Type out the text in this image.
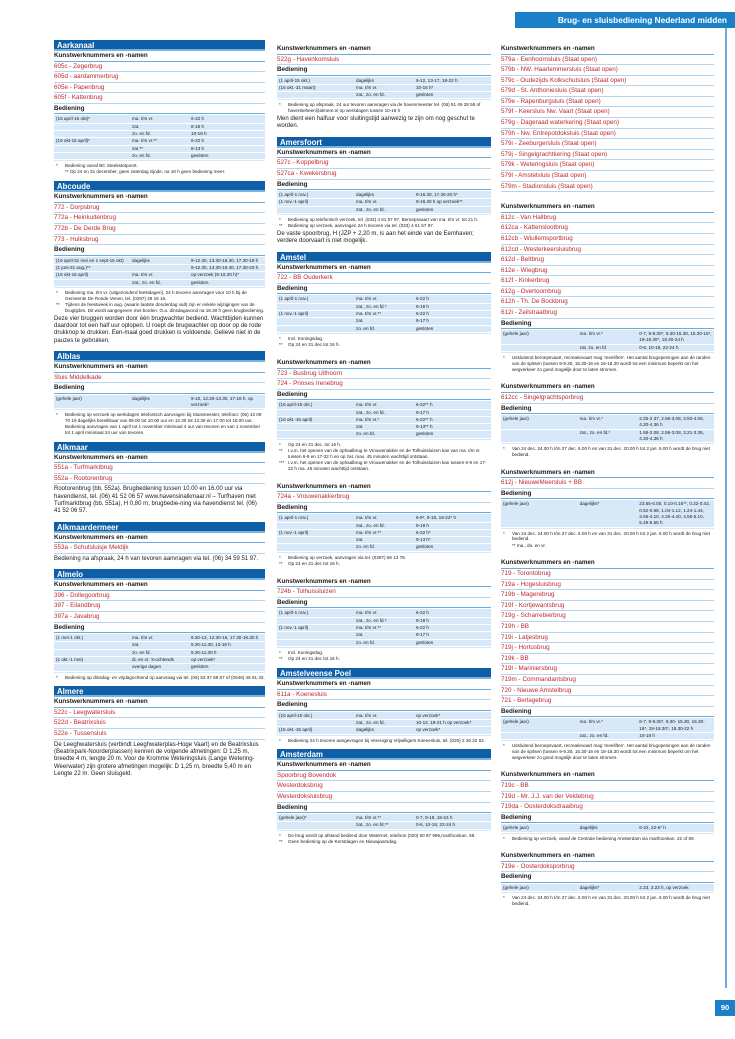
Brug- en sluisbediening Nederland midden
Aarkanaal
Kunstwerknummers en -namen
605c - Zegerbrug
605d - aardammerbrug
605e - Papenbrug
605f - Kattenbrug
Bediening
(16 april-15 okt)*	ma. t/m vr.	6-22 h
zat.	8-18 h
zo. en fd.	10-18 h
(16 okt-16 april)*	ma. t/m vr.**	6-22 h
zat **	8-13 h
zo. en fd.	gesloten
*	Bediening vanaf BC Steekstetpoort.
** Op 24 en 31 december, geen zaterdag zijnde, na 18 h geen bediening meer.
Abcoude
Kunstwerknummers en -namen
772 - Dorpsbrug
772a - Heinkuitenbrug
772b - De Derde Brug
773 - Hulksbrug
Bediening
(16 april-31 mei en 1 sept-15 okt)	dagelijks	9-12.30, 13.30-16.30, 17.30-19 h
(1 juni-31 aug.)**	9-12.30, 13.30-16.30, 17.30-20 h
(16 okt-16 april)	ma. t/m vr.	op verzoek (9-16.30 h)*
zat., zo. en fd.	gesloten
*	Bediening ma. t/m vr. (uitgezonderd feestdagen), 24 h tevoren aanvragen voor 10 h bij de Gemeente De Ronde Venen, tel. (0297) 29 16 16.
**	Tijdens de feestweek in aug. (waarin laatste donderdag valt) zijn er enkele wijzigingen van de brugtijden. Dit wordt aangegeven met borden. O.a. dinsdagavond na 18.30 h geen brugbediening.
Deze vier bruggen worden door één brugwachter bediend. Wachttijden kunnen daardoor tot een half uur oplopen. U roept de brugwachter op door op de rode drukknop te drukken. Een-maal goed drukken is voldoende. Gelieve niet in de pauzes te gebruiken.
Alblas
Kunstwerknummers en -namen
Sluis Middelkade
Bediening
(gehele jaar)	dagelijks	9-10, 12.30-13.30, 17-18 h, op verzoek*
*	Bediening op verzoek op werkdagen telefonisch aanvragen bij Sluismeester, telefoon: (06) 42 09 70 19 dagelijks bereikbaar van 09.00 tot 10.00 uur en 12.30 tot 13.30 en 17.00 tot 18.00 uur. Bediening aanvragen van 1 april tot 1 november minimaal 4 uur van tevoren en van 1 november tot 1 april minimaal 24 uur van tevoren.
Alkmaar
Kunstwerknummers en -namen
551a - Turfmarktbrug
552a - Rootorenbrug
Rootorenbrug (bb, 552a). Brugbediening tussen 10.00 en 16.00 uur via havendienst, tel. (06) 41 52 06 57 www.havensinalkmaar.nl – Turfhaven met Turfmarktbrug (bb, 551a), H 0,80 m, brugbedie-ning via havendienst tel. (06) 41 52 06 57.
Alkmaardermeer
Kunstwerknummers en -namen
553a - Schutsluisje Meldijk
Bediening na afspraak, 24 h van tevoren aanvragen via tel. (06) 34 59 51 97.
Almelo
Kunstwerknummers en -namen
396 - Dollegoorbrug
397 - Eilandbrug
397a - Javabrug
Bediening
(1 mei-1 okt.)	ma. t/m vr.	9.30-12, 12.30-16, 17.30-18.30 h
zat.	9.30-11.30, 13-16 h
zo. en fd.	9.30-11.30 h
(1 okt.-1 mei)	di. en vr. 's-ochtends	op verzoek*
overige dagen	gesloten
*	Bediening op dinsdag- en vrijdagochtend op aanvraag via tel. (06) 53 37 68 87 of (0546) 45 61 33.
Almere
Kunstwerknummers en -namen
522c - Leegwatersluis
522d - Beatrixsluis
522e - Tussensluis
De Leeghwatersluis (verbindt Leeghwaterplas-Hoge Vaart) en de Beatrixsluis (Beatrixpark-Noorderplassen) kennen de volgende afmetingen: D 1,25 m, breedte 4 m, lengte 20 m. Voor de Kromme Weteringsluis (Lange Wetering-Weerwater) zijn grotere afmetingen mogelijk: D 1,25 m, breedte 5,40 m en Lengte 22 m. Geen sluisgeld.
Kunstwerknummers en -namen
522g - Havenkomsluis
Bediening
(1 april-15 okt.)	dagelijks	9-12, 13-17, 18-22 h
(16 okt.-31 maart)	ma. t/m vr.	10-16 h*
zat., zo. en fd.	gesloten
*	Bediening op afspraak, 24 uur tevoren aanvragen via de havenmeester tel. (06) 51 49 28 58 of havenbeheer@almere.nl op werkdagen tussen 10-16 h
Men dient een halfuur voor sluitingstijd aanwezig te zijn om nog geschut te worden.
Amersfoort
Kunstwerknummers en -namen
527c - Koppelbrug
527ca - Kwekersbrug
Bediening
(1 april-1 nov.)	dagelijks	9-16.30, 17.30-20 h*
(1 nov.-1 april)	ma. t/m vr.	9-16.30 h op verzoek**
zat., zo. en fd.	gesloten
*	Bediening op telefonisch verzoek, tel. (033) 4 61 57 97. Beroepsvaart van ma. t/m vr. tot 21 h.
**	Bediening op verzoek, aanvragen 24 h tevoren via tel. (033) 4 61 57 97.
De vaste spoorbrug, H (JZP + 2,20 m, is aan het einde van de Eemhaven; verdere doorvaart is niet mogelijk.
Amstel
Kunstwerknummers en -namen
722 - BB Ouderkerk
Bediening
(1 april-1 nov.)	ma. t/m vr.	6-22 h
zat., zo. en fd.*	9-19 h
(1 nov.-1 april)	ma. t/m vr.**	6-22 h
zat.	9-17 h
zo. en fd.	gesloten
*	Incl. Koningsdag.
**	Op 24 en 31 dec tot 16 h.
Kunstwerknummers en -namen
723 - Busbrug Uithoorn
724 - Prinses Irenebrug
Bediening
(16 april-16 okt.)	ma. t/m vr.	6-22** h
zat., zo. en fd.	9-17 h
(16 okt.-16 april)	ma. t/m vr.*	6-22** h
zat.	9-13** h
zo. en fd.	gesloten
*	Op 24 en 31 dec. tot 16 h.
**	I.v.m. het openen van de ophaalbrug te Vrouwenakker en de Tolhuissluizen kan van ma. t/m vr. tussen 6-9 en 17-22 h en op zat. max. 45 minuten wachttijd ontstaan.
*** I.v.m. het openen van de ophaalbrug te Vrouwenakker en de Tolhuissluizen kan tussen 6-9 en 17-22 h ma. 45 minuten wachttijd ontstaan.
Kunstwerknummers en -namen
724a - Vrouwenakkerbrug
Bediening
(1 april-1 nov.)	ma. t/m vr.	6-9*, 9-18, 18-22* h
zat., zo. en fd.	9-19 h
(1 nov.-1 april)	ma. t/m vr.**	6-22 h*
zat.	9-13 h*
zo. en fd.	gesloten
*	Bediening op verzoek, aanvragen via tel. (0297) 56 13 78.
**	Op 24 en 31 dec tot 16 h.
Kunstwerknummers en -namen
724b - Tolhuissluizen
Bediening
(1 april-1 nov.)	ma. t/m vr.	6-22 h
zat., zo. en fd.*	9-19 h
(1 nov.-1 april)	ma. t/m vr.**	6-22 h
zat.	9-17 h
zo. en fd.	gesloten
*	Incl. Koningsdag.
**	Op 24 en 31 dec tot 16 h.
Amstelveense Poel
Kunstwerknummers en -namen
611a - Koenesluis
Bediening
(15 april-15 okt.)	ma. t/m vr.	op verzoek*
zat., zo. en fd.	10-12, 19-21 h op verzoek*
(15 okt.-15 april)	dagelijks	op verzoek*
*	Bediening 24 h tevoren aangevragen bij Vereniging Vrijwilligers Koenesluis, tel. (020) 2 26 22 62.
Amsterdam
Kunstwerknummers en -namen
Spoorbrug Bovendok
Westerdoksbrug
Westerdoksluisbrug
Bediening
(gehele jaar)*	ma. t/m vr.**	0-7, 9-16, 18-24 h
zat., zo. en fd.**	0-6, 10-18, 22-24 h
*	De brug wordt op afstand bediend door Waternet, telefoon (020) 60 87 996,marifoonkan. 69.
**	Geen bediening op de Kerstdagen en Nieuwjaarsdag.
Kunstwerknummers en -namen
579a - Eenhoornsluis (Staat open)
579b - NW. Haarlemmersluis (Staat open)
579c - Oudezijds Kolkschutsluis (Staat open)
579d - St. Anthoniesluis (Staat open)
579e - Rapenburgsluis (Staat open)
579f - Keersluis Nw. Vaart (Staat open)
579g - Dageraad waterkering (Staat open)
579h - Nw. Entrepotdoksluis (Staat open)
579i - Zeeburgersluis (Staat open)
579j - Singelgrachtkering (Staat open)
579k - Weteringsluis (Staat open)
579l - Amstelsluis (Staat open)
579m - Stadionsluis (Staat open)
Kunstwerknummers en -namen
612c - Van Hallbrug
612ca - Kattenslootbrug
612cb - Wiullemsportbrug
612cd - Westerkeersluisbrug
612d - Beltbrug
612e - Wiegbrug
612f - Kinkerbrug
612g - Overtoombrug
612h - Th. De Bockbrug
612i - Zeilstraatbrug
Bediening
(gehele jaar)	ma. t/m vr.*	0-7, 9-9.30*, 9.30-15.30, 15.30-16*, 18-18.30*, 18.30-24 h
zat. zo. en fd	0-6, 10-18, 22-24 h
*	Uitsluitend beroepsvaart, recreatievaart mag 'meeliften'. Het aantal brugopeningen aan de randen van de spitsen (tussen 9-9.30, 15.30-16 en 18-18.30 wordt tot een minimum beperkt om het wegverkeer zo goed mogelijk door te laten stromen.
Kunstwerknummers en -namen
612cc - Singelgrachtsporbrug
Bediening
(gehele jaar)	ma. t/m vr.*	2.25-2.37, 2.56-3.08, 3.50-4.06, 4.20-4.36 h
zat., zo. en fd.*	1.58-2.08, 2.56-3.08, 3.21-3.36, 4.20-4.36 h
*	Van 24 dec. 24.00 h t/m 27 dec. 6.00 h en van 31 dec. 20.00 h tot 2 jan. 6.00 h wordt de brug niet bediend.
Kunstwerknummers en -namen
612j - NieuweMeersluis + BB
Bediening
(gehele jaar)	dagelijks*	23.55-0.00, 0.10-0.16**, 0.32-0.42, 0.52-0.58, 1.04-1.12, 1.24-1.44, 3.55-4.10, 4.25-4.40, 4.55-5.10, 5.49-5.55 h
*	Van 24 dec. 24.00 h t/m 27 dec. 6.00 h en van 31 dec. 20.00 h tot 2 jan. 6.00 h wordt de brug niet bediend.
** ma., do. en vr.
Kunstwerknummers en -namen
719 - Torontobrug
719a - Hogesluisbrug
719b - Magerebrug
719f - Kortjewantsbrug
719g - Scharrebierbrug
719h - BB
719i - Latjesbrug
719j - Hortusbrug
719k - BB
719l - Mariniersbrug
719m - Commandantsbrug
720 - Nieuwe Amstelbrug
721 - Berlagebrug
Bediening
(gehele jaar)	ma. t/m vr.*	6-7, 9-9.30*, 9.30- 15.30, 15.30-16*, 18-18.30*, 18.30-22 h
zat., zo. en fd.	10-18 h
*	Uitsluitend beroepsvaart, recreatievaart mag 'meeliften'. Het aantal brugopeningen aan de randen van de spitsen (tussen 9-9.30, 15.30-16 en 18-18.30 wordt tot een minimum beperkt om het wegverkeer zo goed mogelijk door te laten stromen.
Kunstwerknummers en -namen
719c - BB
719d - Mr. J.J. van der Veldebrug
719da - Oosterdoksdraaibrug
Bediening
(gehele jaar)	dagelijks	6-22, 22-6* h
*	Bediening op verzoek, vanaf de Centrale bediening Amsterdam via marifoonkan. 22 of 69.
Kunstwerknummers en -namen
719e - Oosterdoksporbrug
Bediening
(gehele jaar)	dagelijks*	2.23, 3.23 h, op verzoek
*	Van 24 dec. 24.00 h t/m 27 dec. 6.00 h en van 31 dec. 20.00 h tot 2 jan. 6.00 h wordt de brug niet bediend.
90
